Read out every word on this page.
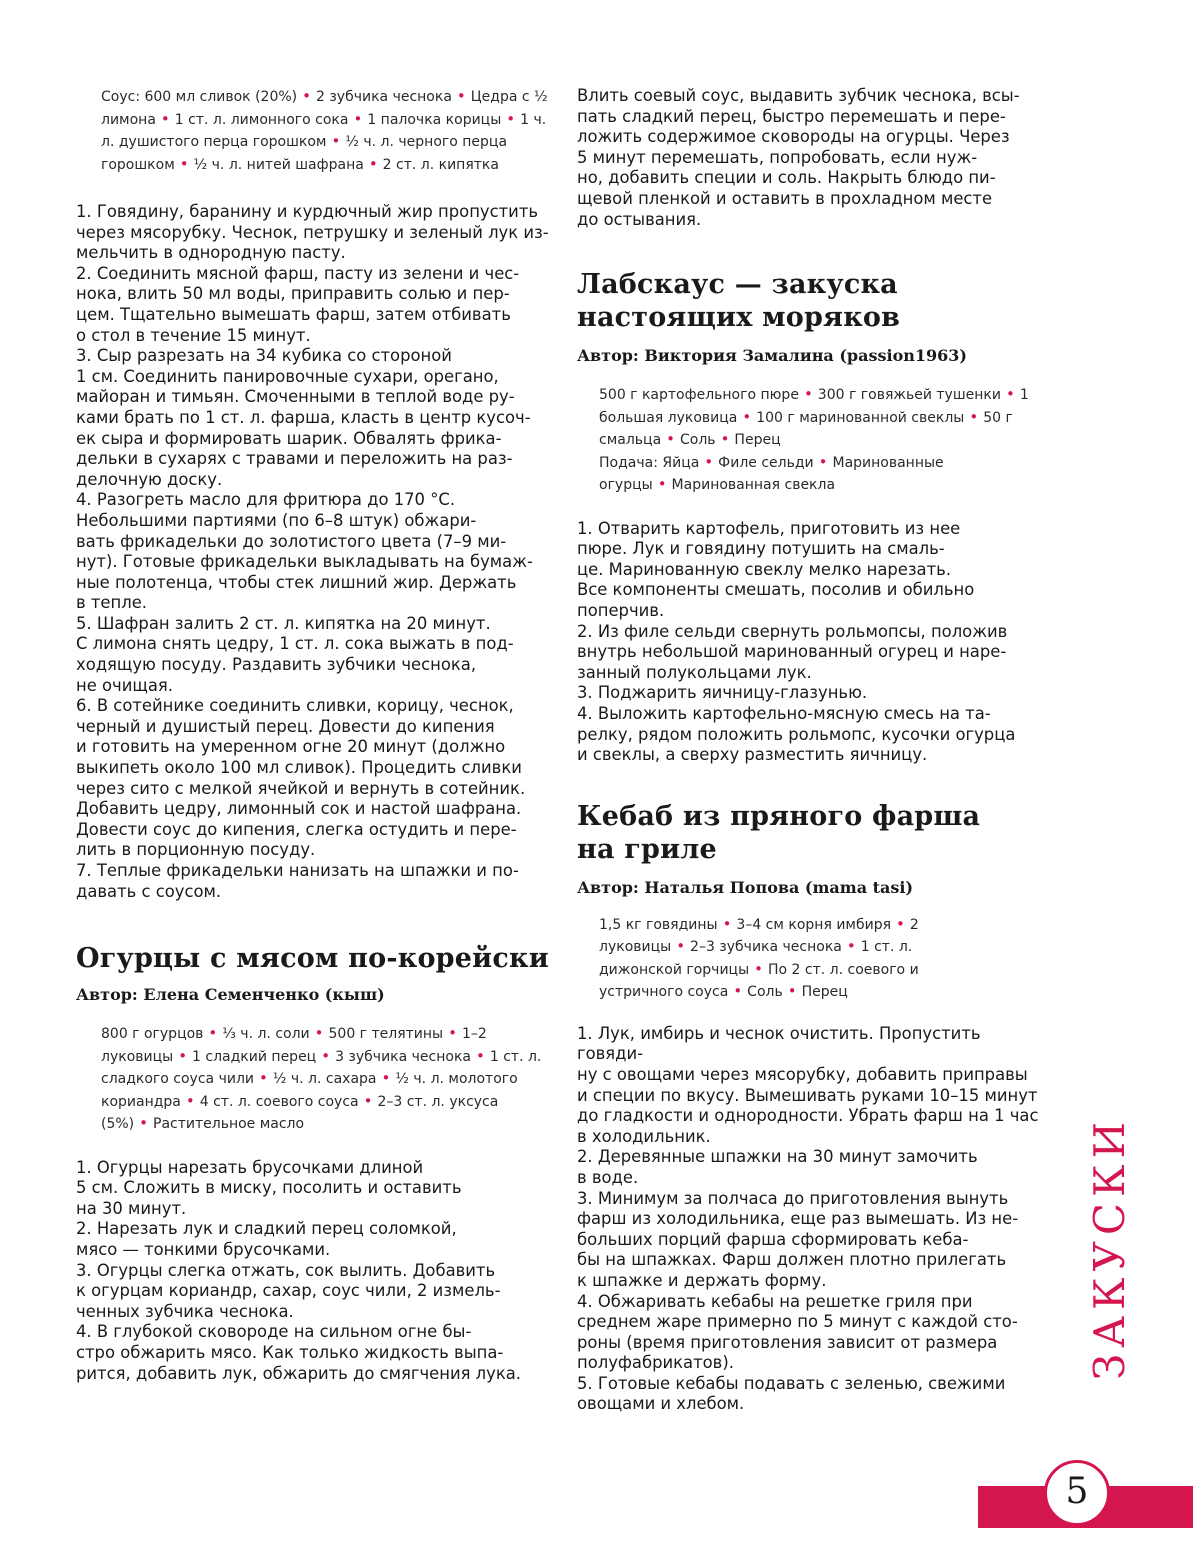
Соус: 600 мл сливок (20%) • 2 зубчика чеснока • Цедра с ½ лимона • 1 ст. л. лимонного сока • 1 палочка корицы • 1 ч. л. душистого перца горошком • ½ ч. л. черного перца горошком • ½ ч. л. нитей шафрана • 2 ст. л. кипятка
1. Говядину, баранину и курдючный жир пропустить
через мясорубку. Чеснок, петрушку и зеленый лук из-
мельчить в однородную пасту.
2. Соединить мясной фарш, пасту из зелени и чес-
нока, влить 50 мл воды, приправить солью и пер-
цем. Тщательно вымешать фарш, затем отбивать
о стол в течение 15 минут.
3. Сыр разрезать на 34 кубика со стороной
1 см. Соединить панировочные сухари, орегано,
майоран и тимьян. Смоченными в теплой воде ру-
ками брать по 1 ст. л. фарша, класть в центр кусоч-
ек сыра и формировать шарик. Обвалять фрика-
дельки в сухарях с травами и переложить на раз-
делочную доску.
4. Разогреть масло для фритюра до 170 °С.
Небольшими партиями (по 6–8 штук) обжари-
вать фрикадельки до золотистого цвета (7–9 ми-
нут). Готовые фрикадельки выкладывать на бумаж-
ные полотенца, чтобы стек лишний жир. Держать
в тепле.
5. Шафран залить 2 ст. л. кипятка на 20 минут.
С лимона снять цедру, 1 ст. л. сока выжать в под-
ходящую посуду. Раздавить зубчики чеснока,
не очищая.
6. В сотейнике соединить сливки, корицу, чеснок,
черный и душистый перец. Довести до кипения
и готовить на умеренном огне 20 минут (должно
выкипеть около 100 мл сливок). Процедить сливки
через сито с мелкой ячейкой и вернуть в сотейник.
Добавить цедру, лимонный сок и настой шафрана.
Довести соус до кипения, слегка остудить и пере-
лить в порционную посуду.
7. Теплые фрикадельки нанизать на шпажки и по-
давать с соусом.
Огурцы с мясом по-корейски

Автор: Елена Семенченко (кыш)

800 г огурцов • ⅓ ч. л. соли • 500 г телятины • 1–2 луковицы • 1 сладкий перец • 3 зубчика чеснока • 1 ст. л. сладкого соуса чили • ½ ч. л. сахара • ½ ч. л. молотого кориандра • 4 ст. л. соевого соуса • 2–3 ст. л. уксуса (5%) • Растительное масло
1. Огурцы нарезать брусочками длиной
5 см. Сложить в миску, посолить и оставить
на 30 минут.
2. Нарезать лук и сладкий перец соломкой,
мясо — тонкими брусочками.
3. Огурцы слегка отжать, сок вылить. Добавить
к огурцам кориандр, сахар, соус чили, 2 измель-
ченных зубчика чеснока.
4. В глубокой сковороде на сильном огне бы-
стро обжарить мясо. Как только жидкость выпа-
рится, добавить лук, обжарить до смягчения лука.
Влить соевый соус, выдавить зубчик чеснока, всы-
пать сладкий перец, быстро перемешать и пере-
ложить содержимое сковороды на огурцы. Через
5 минут перемешать, попробовать, если нуж-
но, добавить специи и соль. Накрыть блюдо пи-
щевой пленкой и оставить в прохладном месте
до остывания.
Лабскаус — закуска
настоящих моряков

Автор: Виктория Замалина (passion1963)

500 г картофельного пюре • 300 г говяжьей тушенки • 1 большая луковица • 100 г маринованной свеклы • 50 г смальца • Соль • Перец
Подача: Яйца • Филе сельди • Маринованные огурцы • Маринованная свекла
1. Отварить картофель, приготовить из нее
пюре. Лук и говядину потушить на смаль-
це. Маринованную свеклу мелко нарезать.
Все компоненты смешать, посолив и обильно
поперчив.
2. Из филе сельди свернуть рольмопсы, положив
внутрь небольшой маринованный огурец и наре-
занный полукольцами лук.
3. Поджарить яичницу-глазунью.
4. Выложить картофельно-мясную смесь на та-
релку, рядом положить рольмопс, кусочки огурца
и свеклы, а сверху разместить яичницу.
Кебаб из пряного фарша
на гриле

Автор: Наталья Попова (mama tasi)

1,5 кг говядины • 3–4 см корня имбиря • 2 луковицы • 2–3 зубчика чеснока • 1 ст. л. дижонской горчицы • По 2 ст. л. соевого и устричного соуса • Соль • Перец
1. Лук, имбирь и чеснок очистить. Пропустить говяди-
ну с овощами через мясорубку, добавить приправы
и специи по вкусу. Вымешивать руками 10–15 минут
до гладкости и однородности. Убрать фарш на 1 час
в холодильник.
2. Деревянные шпажки на 30 минут замочить
в воде.
3. Минимум за полчаса до приготовления вынуть
фарш из холодильника, еще раз вымешать. Из не-
больших порций фарша сформировать кеба-
бы на шпажках. Фарш должен плотно прилегать
к шпажке и держать форму.
4. Обжаривать кебабы на решетке гриля при
среднем жаре примерно по 5 минут с каждой сто-
роны (время приготовления зависит от размера
полуфабрикатов).
5. Готовые кебабы подавать с зеленью, свежими
овощами и хлебом.
ЗАКУСКИ
5
